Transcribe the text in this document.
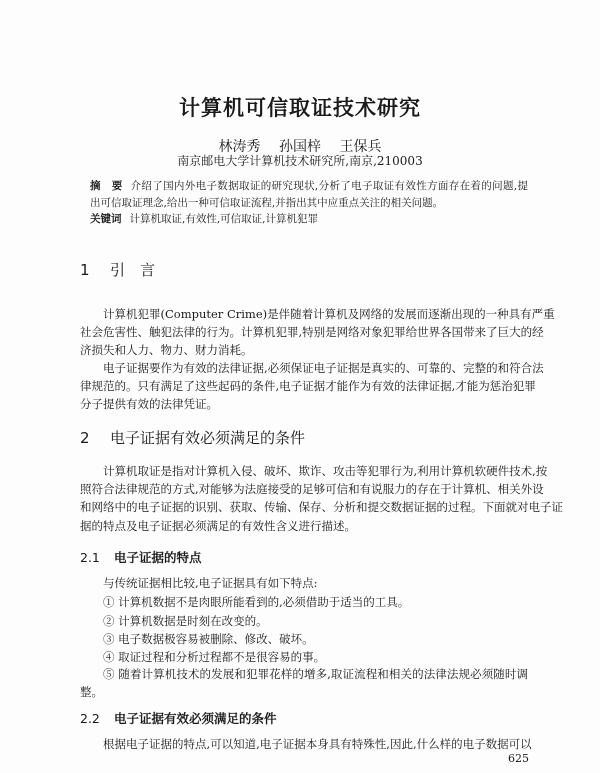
计算机可信取证技术研究
林涛秀 孙国梓 王保兵
南京邮电大学计算机技术研究所,南京,210003
摘　要 介绍了国内外电子数据取证的研究现状,分析了电子取证有效性方面存在着的问题,提
出可信取证理念,给出一种可信取证流程,并指出其中应重点关注的相关问题。
关键词 计算机取证,有效性,可信取证,计算机犯罪
1 引　言
计算机犯罪(Computer Crime)是伴随着计算机及网络的发展而逐渐出现的一种具有严重
社会危害性、触犯法律的行为。计算机犯罪,特别是网络对象犯罪给世界各国带来了巨大的经
济损失和人力、物力、财力消耗。
电子证据要作为有效的法律证据,必须保证电子证据是真实的、可靠的、完整的和符合法
律规范的。只有满足了这些起码的条件,电子证据才能作为有效的法律证据,才能为惩治犯罪
分子提供有效的法律凭证。
2 电子证据有效必须满足的条件
计算机取证是指对计算机入侵、破坏、欺诈、攻击等犯罪行为,利用计算机软硬件技术,按
照符合法律规范的方式,对能够为法庭接受的足够可信和有说服力的存在于计算机、相关外设
和网络中的电子证据的识别、获取、传输、保存、分析和提交数据证据的过程。下面就对电子证
据的特点及电子证据必须满足的有效性含义进行描述。
2.1 电子证据的特点
与传统证据相比较,电子证据具有如下特点:
① 计算机数据不是肉眼所能看到的,必须借助于适当的工具。
② 计算机数据是时刻在改变的。
③ 电子数据极容易被删除、修改、破坏。
④ 取证过程和分析过程都不是很容易的事。
⑤ 随着计算机技术的发展和犯罪花样的增多,取证流程和相关的法律法规必须随时调
整。
2.2 电子证据有效必须满足的条件
根据电子证据的特点,可以知道,电子证据本身具有特殊性,因此,什么样的电子数据可以
625
